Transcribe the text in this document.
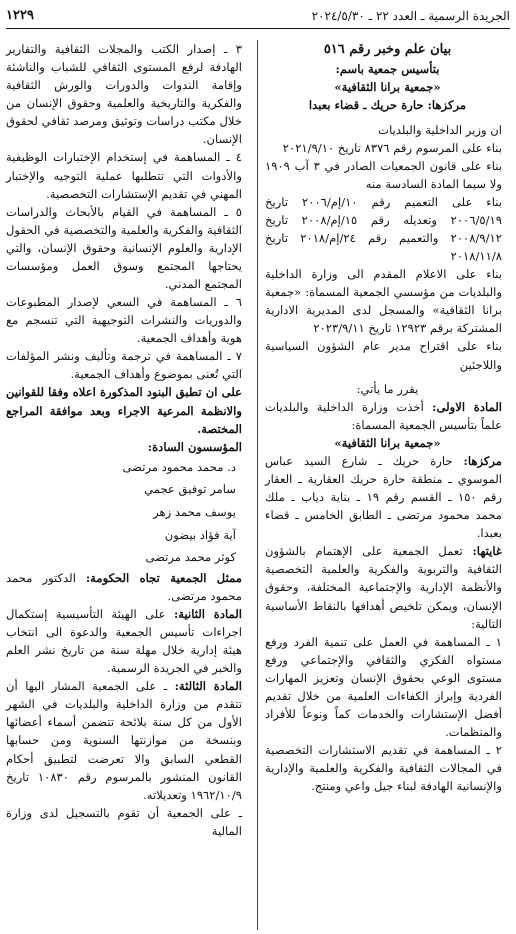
الجريدة الرسمية ـ العدد ٢٢ ـ ٢٠٢٤/٥/٣٠
١٢٢٩

بيان علم وخبر رقم ٥١٦

بتأسيس جمعية باسم:

«جمعية برانا الثقافية»

مركزها: حارة حريك ـ قضاء بعبدا

ان وزير الداخلية والبلديات

بناء على المرسوم رقم ٨٣٧٦ تاريخ ٢٠٢١/٩/١٠

بناء على قانون الجمعيات الصادر في ٣ آب ١٩٠٩ ولا سيما المادة السادسة منه

بناء على التعميم رقم ١٠/إم/٢٠٠٦ تاريخ ٢٠٠٦/٥/١٩ وتعديله رقم ١٥/إم/٢٠٠٨ تاريخ ٢٠٠٨/٩/١٢ والتعميم رقم ٢٤/إم/٢٠١٨ تاريخ ٢٠١٨/١١/٨

بناء على الاعلام المقدم الى وزارة الداخلية والبلديات من مؤسسي الجمعية المسماة: «جمعية برانا الثقافية» والمسجل لدى المديرية الادارية المشتركة برقم ١٢٩٢٣ تاريخ ٢٠٢٣/٩/١١

بناء على اقتراح مدير عام الشؤون السياسية واللاجئين

يقرر ما يأتي:

المادة الاولى: أخذت وزارة الداخلية والبلديات علماً بتأسيس الجمعية المسماة:

«جمعية برانا الثقافية»

مركزها: حارة حريك ـ شارع السيد عباس الموسوي ـ منطقة حارة حريك العقارية ـ العقار رقم ١٥٠ ـ القسم رقم ١٩ ـ بناية دياب ـ ملك محمد محمود مرتضى ـ الطابق الخامس ـ قضاء بعبدا.

غايتها: تعمل الجمعية على الإهتمام بالشؤون الثقافية والتربوية والفكرية والعلمية التخصصية والأنظمة الإدارية والإجتماعية المختلفة، وحقوق الإنسان، ويمكن تلخيص أهدافها بالنقاط الأساسية التالية:

١ ـ المساهمة في العمل على تنمية الفرد ورفع مستواه الفكري والثقافي والإجتماعي ورفع مستوى الوعي بحقوق الإنسان وتعزيز المهارات الفردية وإبراز الكفاءات العلمية من خلال تقديم أفضل الإستشارات والخدمات كماً ونوعاً للأفراد والمنظمات.

٢ ـ المساهمة في تقديم الاستشارات التخصصية في المجالات الثقافية والفكرية والعلمية والإدارية والإنسانية الهادفة لبناء جيل واعي ومنتج.

٣ ـ إصدار الكتب والمجلات الثقافية والتقارير الهادفة لرفع المستوى الثقافي للشباب والناشئة وإقامة الندوات والدورات والورش الثقافية والفكرية والتاريخية والعلمية وحقوق الإنسان من خلال مكتب دراسات وتوثيق ومرصد ثقافي لحقوق الإنسان.

٤ ـ المساهمة في إستخدام الإختبارات الوظيفية والأدوات التي تتطلبها عملية التوجيه والإختبار المهني في تقديم الإستشارات التخصصية.

٥ ـ المساهمة في القيام بالأبحاث والدراسات الثقافية والفكرية والعلمية والتخصصية في الحقول الإدارية والعلوم الإنسانية وحقوق الإنسان، والتي يحتاجها المجتمع وسوق العمل ومؤسسات المجتمع المدني.

٦ ـ المساهمة في السعي لإصدار المطبوعات والدوريات والنشرات التوجيهية التي تنسجم مع هوية وأهداف الجمعية.

٧ ـ المساهمة في ترجمة وتأليف ونشر المؤلفات التي تُعنى بموضوع وأهداف الجمعية.

على ان تطبق البنود المذكورة اعلاه وفقا للقوانين والانظمة المرعية الاجراء وبعد موافقة المراجع المختصة.

المؤسسون السادة:

د. محمد محمود مرتضى

سامر توفيق عجمي

يوسف محمد زهر

آية فؤاد بيضون

كوثر محمد مرتضى

ممثل الجمعية تجاه الحكومة: الدكتور محمد محمود مرتضى.

المادة الثانية: على الهيئة التأسيسية إستكمال اجراءات تأسيس الجمعية والدعوة الى انتخاب هيئة إدارية خلال مهلة سنة من تاريخ نشر العلم والخبر في الجريدة الرسمية.

المادة الثالثة: ـ على الجمعية المشار اليها أن تتقدم من وزارة الداخلية والبلديات في الشهر الأول من كل سنة بلائحة تتضمن أسماء أعضائها وبنسخة من موازنتها السنوية ومن حسابها القطعي السابق والا تعرضت لتطبيق أحكام القانون المنشور بالمرسوم رقم ١٠٨٣٠ تاريخ ١٩٦٢/١٠/٩ وتعديلاته.

ـ على الجمعية أن تقوم بالتسجيل لدى وزارة المالية
